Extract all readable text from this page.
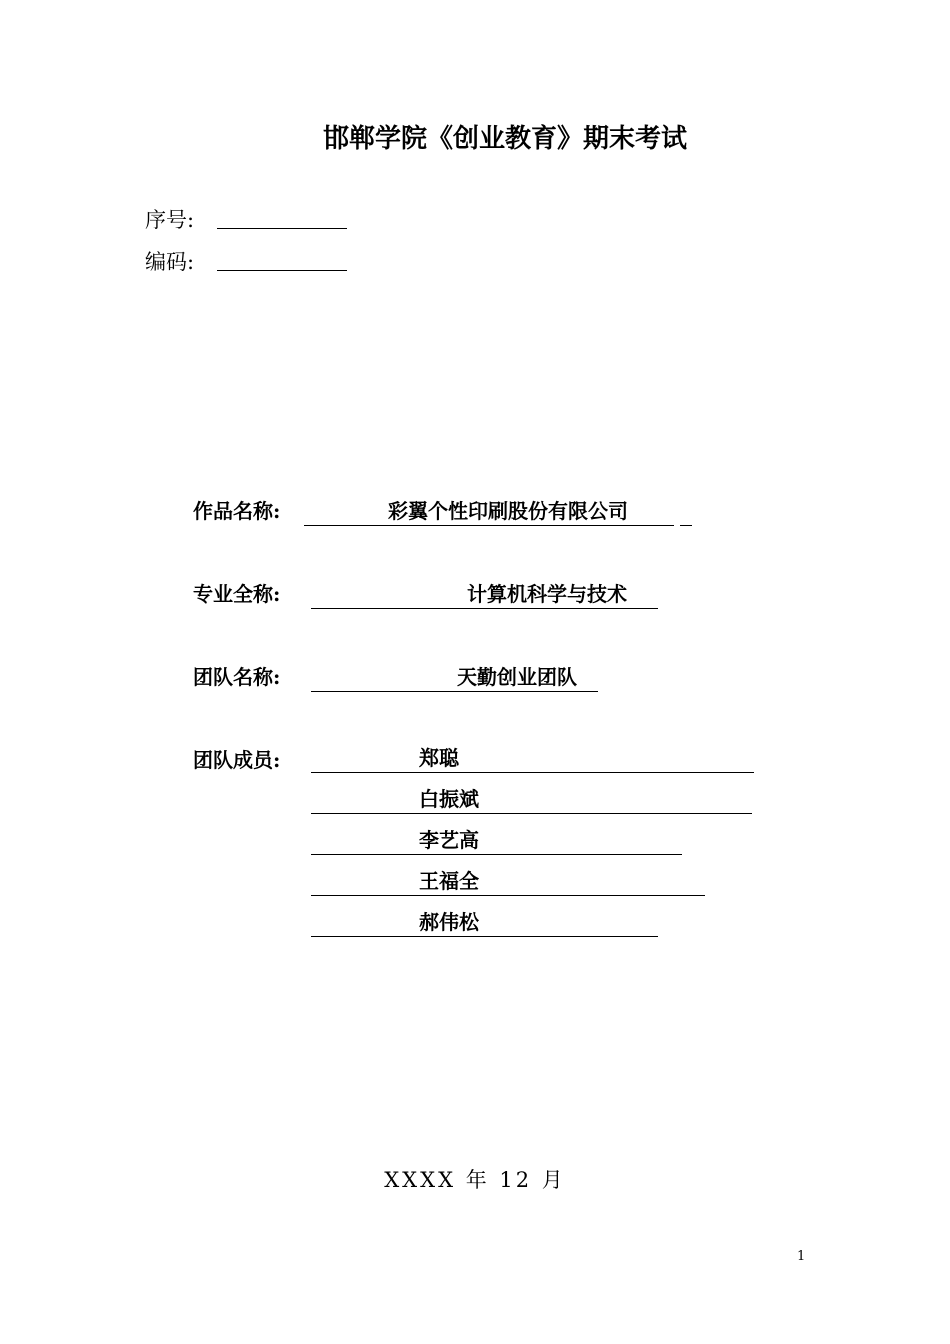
邯郸学院《创业教育》期末考试
序号:
编码:
作品名称:	彩翼个性印刷股份有限公司
专业全称:	计算机科学与技术
团队名称:	天勤创业团队
团队成员:	郑聪
白振斌
李艺高
王福全
郝伟松
XXXX 年 12 月
1
